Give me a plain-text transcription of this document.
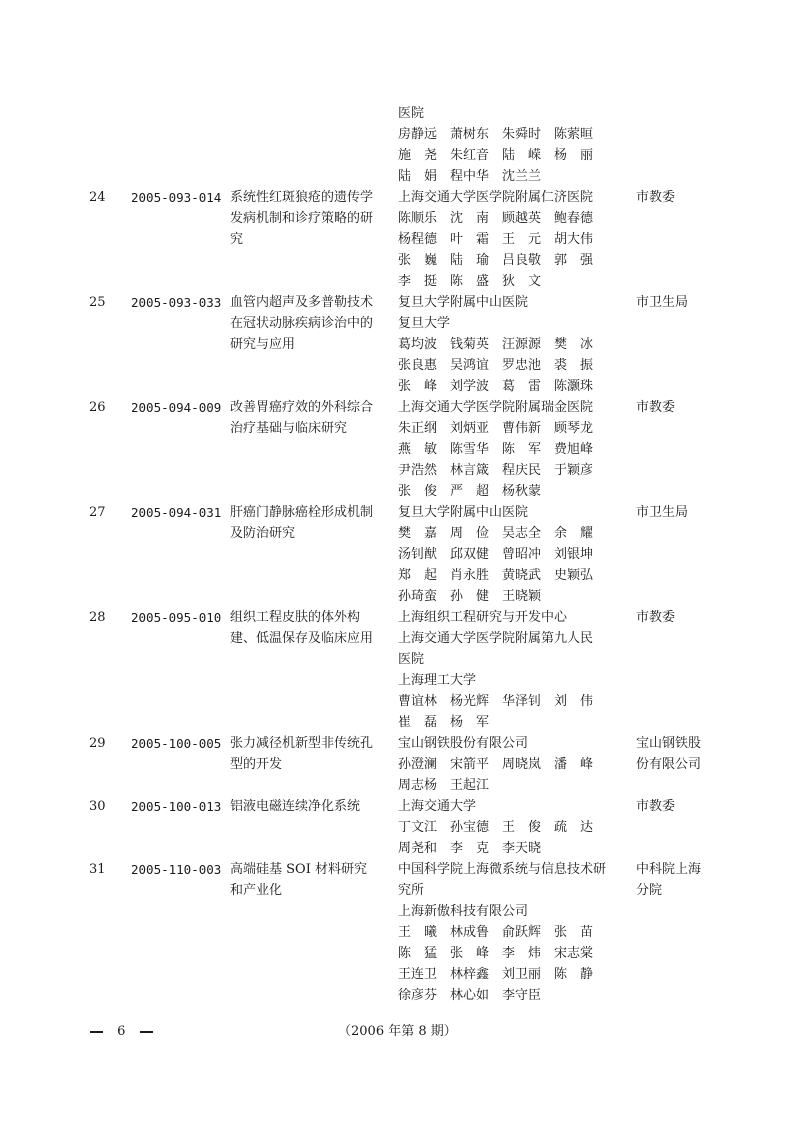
医院
房静远　萧树东　朱舜时　陈萦晅
施　尧　朱红音　陆　嵘　杨　丽
陆　娟　程中华　沈兰兰
24 2005-093-014 系统性红斑狼疮的遗传学
发病机制和诊疗策略的研
究
上海交通大学医学院附属仁济医院
陈顺乐　沈　南　顾越英　鲍春德
杨程德　叶　霜　王　元　胡大伟
张　巍　陆　瑜　吕良敬　郭　强
李　挺　陈　盛　狄　文
市教委
25 2005-093-033 血管内超声及多普勒技术
在冠状动脉疾病诊治中的
研究与应用
复旦大学附属中山医院
复旦大学
葛均波　钱菊英　汪源源　樊　冰
张良惠　吴鸿谊　罗忠池　裘　振
张　峰　刘学波　葛　雷　陈灏珠
市卫生局
26 2005-094-009 改善胃癌疗效的外科综合
治疗基础与临床研究
上海交通大学医学院附属瑞金医院
朱正纲　刘炳亚　曹伟新　顾琴龙
燕　敏　陈雪华　陈　军　费旭峰
尹浩然　林言箴　程庆民　于颖彦
张　俊　严　超　杨秋蒙
市教委
27 2005-094-031 肝癌门静脉癌栓形成机制
及防治研究
复旦大学附属中山医院
樊　嘉　周　俭　吴志全　余　耀
汤钊猷　邱双健　曾昭冲　刘银坤
郑　起　肖永胜　黄晓武　史颖弘
孙琦蛮　孙　健　王晓颖
市卫生局
28 2005-095-010 组织工程皮肤的体外构
建、低温保存及临床应用
上海组织工程研究与开发中心
上海交通大学医学院附属第九人民
医院
上海理工大学
曹谊林　杨光辉　华泽钊　刘　伟
崔　磊　杨　军
市教委
29 2005-100-005 张力减径机新型非传统孔
型的开发
宝山钢铁股份有限公司
孙澄澜　宋箭平　周晓岚　潘　峰
周志杨　王起江
宝山钢铁股
份有限公司
30 2005-100-013 铝液电磁连续净化系统	上海交通大学
丁文江　孙宝德　王　俊　疏　达
周尧和　李　克　李天晓
市教委
31 2005-110-003 高端硅基 SOI 材料研究
和产业化
中国科学院上海微系统与信息技术研
究所
上海新傲科技有限公司
王　曦　林成鲁　俞跃辉　张　苗
陈　猛　张　峰　李　炜　宋志棠
王连卫　林梓鑫　刘卫丽　陈　静
徐彦芬　林心如　李守臣
中科院上海
分院
6	（2006 年第 8 期）
